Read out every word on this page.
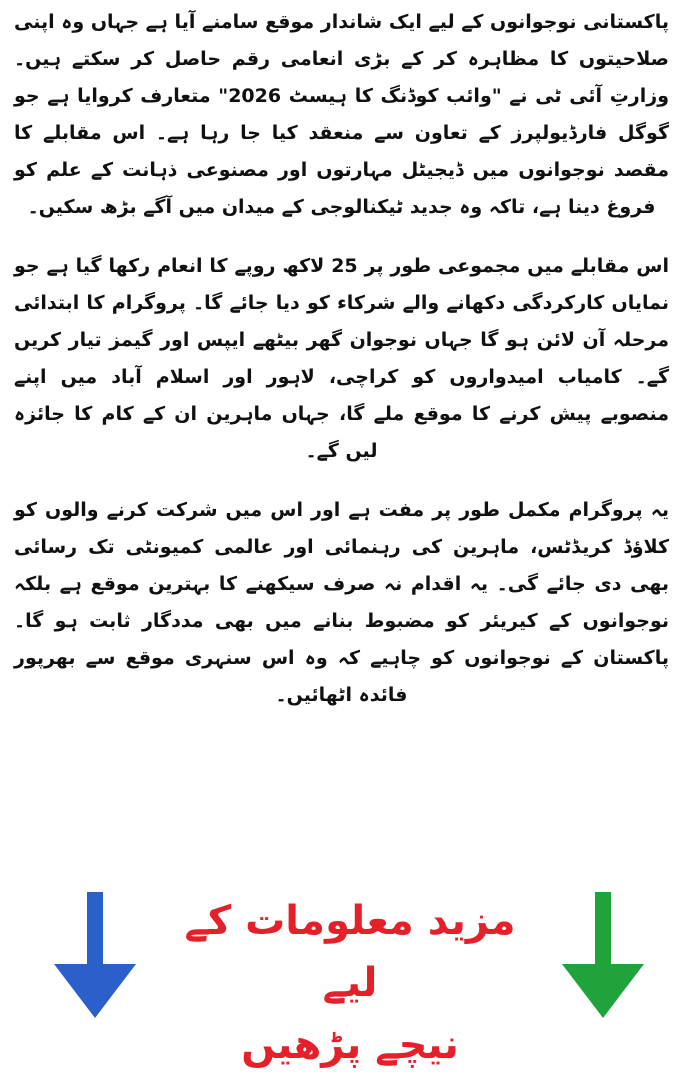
پاکستانی نوجوانوں کے لیے ایک شاندار موقع سامنے آیا ہے جہاں وہ اپنی صلاحیتوں کا مظاہرہ کر کے بڑی انعامی رقم حاصل کر سکتے ہیں۔ وزارتِ آئی ٹی نے "وائب کوڈنگ کا ہیسٹ 2026" متعارف کروایا ہے جو گوگل فارڈیولپرز کے تعاون سے منعقد کیا جا رہا ہے۔ اس مقابلے کا مقصد نوجوانوں میں ڈیجیٹل مہارتوں اور مصنوعی ذہانت کے علم کو فروغ دینا ہے، تاکہ وہ جدید ٹیکنالوجی کے میدان میں آگے بڑھ سکیں۔

اس مقابلے میں مجموعی طور پر 25 لاکھ روپے کا انعام رکھا گیا ہے جو نمایاں کارکردگی دکھانے والے شرکاء کو دیا جائے گا۔ پروگرام کا ابتدائی مرحلہ آن لائن ہو گا جہاں نوجوان گھر بیٹھے ایپس اور گیمز تیار کریں گے۔ کامیاب امیدواروں کو کراچی، لاہور اور اسلام آباد میں اپنے منصوبے پیش کرنے کا موقع ملے گا، جہاں ماہرین ان کے کام کا جائزہ لیں گے۔

یہ پروگرام مکمل طور پر مفت ہے اور اس میں شرکت کرنے والوں کو کلاؤڈ کریڈٹس، ماہرین کی رہنمائی اور عالمی کمیونٹی تک رسائی بھی دی جائے گی۔ یہ اقدام نہ صرف سیکھنے کا بہترین موقع ہے بلکہ نوجوانوں کے کیریئر کو مضبوط بنانے میں بھی مددگار ثابت ہو گا۔ پاکستان کے نوجوانوں کو چاہیے کہ وہ اس سنہری موقع سے بھرپور فائدہ اٹھائیں۔

مزید معلومات کے لیے
نیچے پڑھیں
